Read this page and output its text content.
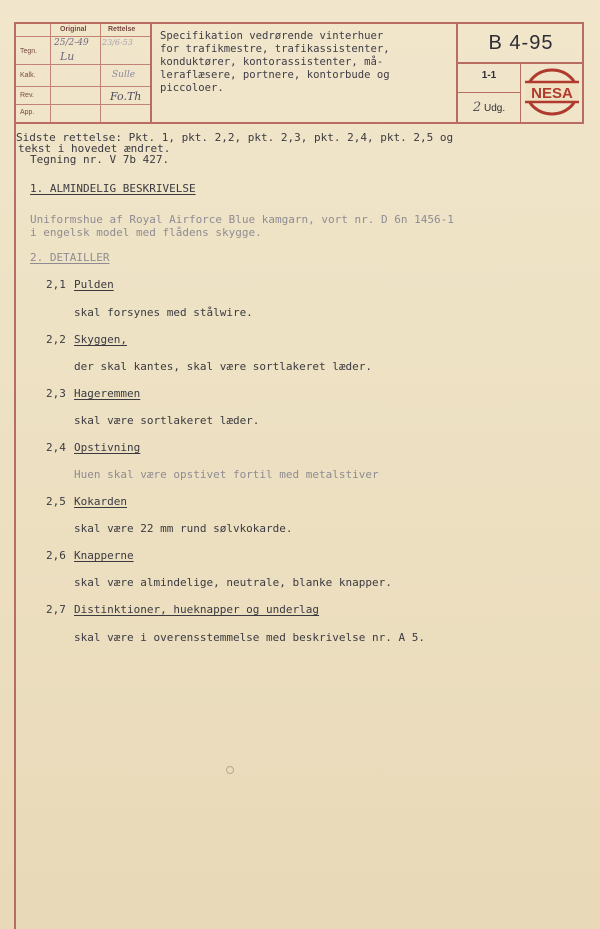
Original	Rettelse
Tegn.
Kalk.
Rev.
App.
25/2-49
Lu
23/6-53
Sulle
Fo.Th
Specifikation vedrørende vinterhuer
for trafikmestre, trafikassistenter,
konduktører, kontorassistenter, må-
leraflæsere, portnere, kontorbude og
piccoloer.
B 4-95
1-1
2 Udg.
NESA
Sidste rettelse: Pkt. 1, pkt. 2,2, pkt. 2,3, pkt. 2,4, pkt. 2,5 og
tekst i hovedet ændret.
Tegning nr. V 7b 427.
1. ALMINDELIG BESKRIVELSE
Uniformshue af Royal Airforce Blue kamgarn, vort nr. D 6n 1456-1
i engelsk model med flådens skygge.
2. DETAILLER
2,1 Pulden
skal forsynes med stålwire.
2,2 Skyggen,
der skal kantes, skal være sortlakeret læder.
2,3 Hageremmen
skal være sortlakeret læder.
2,4 Opstivning
Huen skal være opstivet fortil med metalstiver
2,5 Kokarden
skal være 22 mm rund sølvkokarde.
2,6 Knapperne
skal være almindelige, neutrale, blanke knapper.
2,7 Distinktioner, hueknapper og underlag
skal være i overensstemmelse med beskrivelse nr. A 5.
